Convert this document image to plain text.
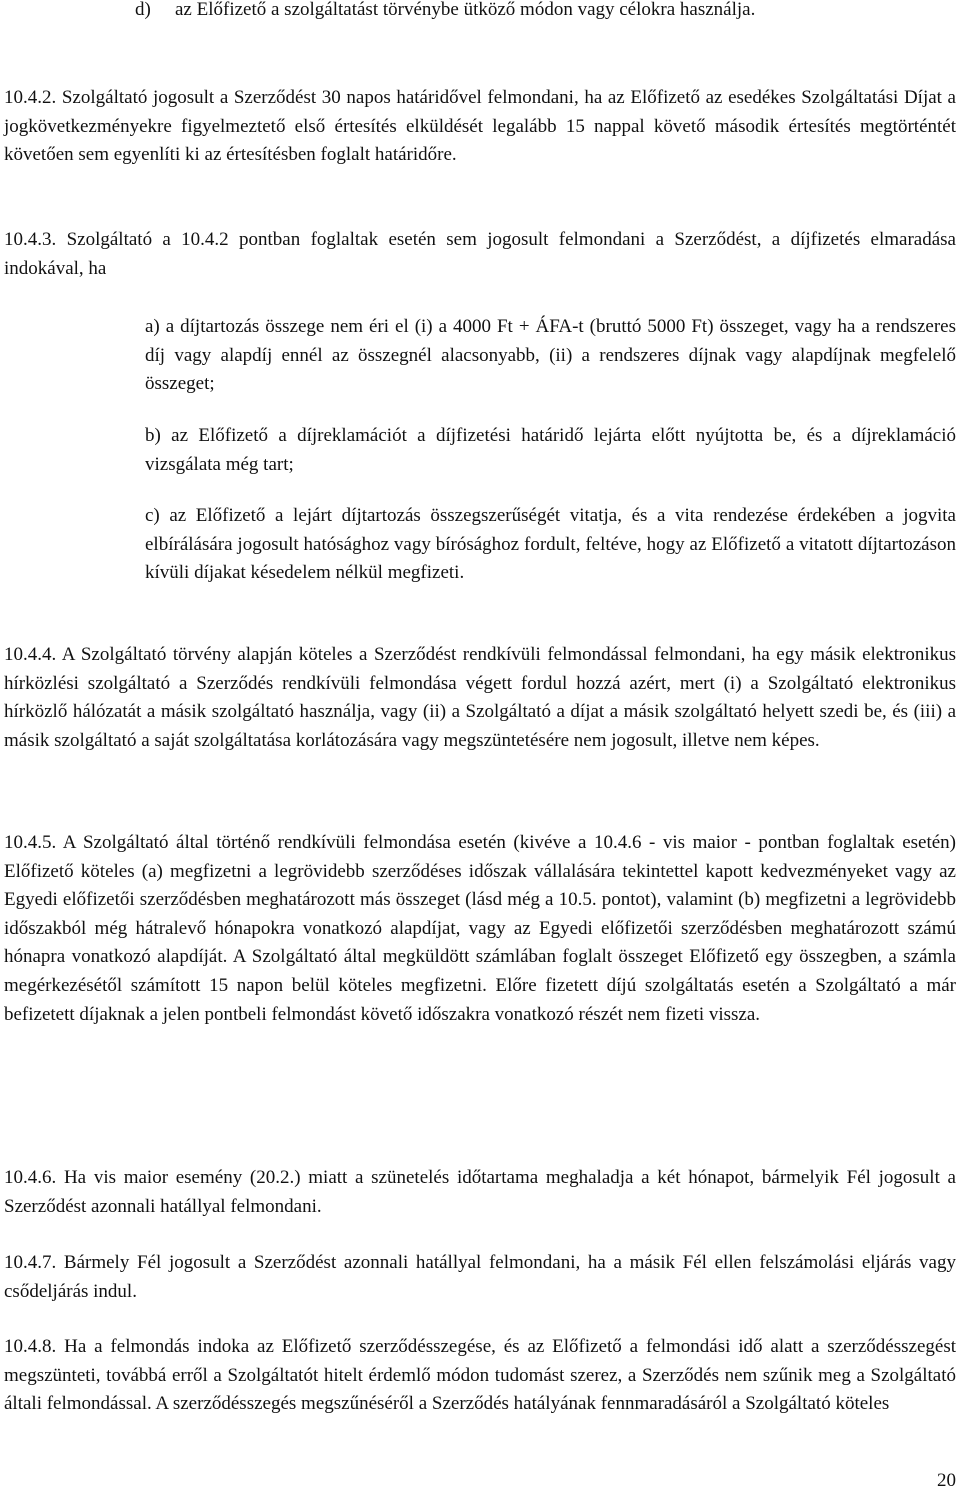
d) az Előfizető a szolgáltatást törvénybe ütköző módon vagy célokra használja.

10.4.2. Szolgáltató jogosult a Szerződést 30 napos határidővel felmondani, ha az Előfizető az esedékes Szolgáltatási Díjat a jogkövetkezményekre figyelmeztető első értesítés elküldését legalább 15 nappal követő második értesítés megtörténtét követően sem egyenlíti ki az értesítésben foglalt határidőre.

10.4.3. Szolgáltató a 10.4.2 pontban foglaltak esetén sem jogosult felmondani a Szerződést, a díjfizetés elmaradása indokával, ha

a) a díjtartozás összege nem éri el (i) a 4000 Ft + ÁFA-t (bruttó 5000 Ft) összeget, vagy ha a rendszeres díj vagy alapdíj ennél az összegnél alacsonyabb, (ii) a rendszeres díjnak vagy alapdíjnak megfelelő összeget;

b) az Előfizető a díjreklamációt a díjfizetési határidő lejárta előtt nyújtotta be, és a díjreklamáció vizsgálata még tart;

c) az Előfizető a lejárt díjtartozás összegszerűségét vitatja, és a vita rendezése érdekében a jogvita elbírálására jogosult hatósághoz vagy bírósághoz fordult, feltéve, hogy az Előfizető a vitatott díjtartozáson kívüli díjakat késedelem nélkül megfizeti.

10.4.4. A Szolgáltató törvény alapján köteles a Szerződést rendkívüli felmondással felmondani, ha egy másik elektronikus hírközlési szolgáltató a Szerződés rendkívüli felmondása végett fordul hozzá azért, mert (i) a Szolgáltató elektronikus hírközlő hálózatát a másik szolgáltató használja, vagy (ii) a Szolgáltató a díjat a másik szolgáltató helyett szedi be, és (iii) a másik szolgáltató a saját szolgáltatása korlátozására vagy megszüntetésére nem jogosult, illetve nem képes.

10.4.5. A Szolgáltató által történő rendkívüli felmondása esetén (kivéve a 10.4.6 - vis maior - pontban foglaltak esetén) Előfizető köteles (a) megfizetni a legrövidebb szerződéses időszak vállalására tekintettel kapott kedvezményeket vagy az Egyedi előfizetői szerződésben meghatározott más összeget (lásd még a 10.5. pontot), valamint (b) megfizetni a legrövidebb időszakból még hátralevő hónapokra vonatkozó alapdíjat, vagy az Egyedi előfizetői szerződésben meghatározott számú hónapra vonatkozó alapdíját. A Szolgáltató által megküldött számlában foglalt összeget Előfizető egy összegben, a számla megérkezésétől számított 15 napon belül köteles megfizetni. Előre fizetett díjú szolgáltatás esetén a Szolgáltató a már befizetett díjaknak a jelen pontbeli felmondást követő időszakra vonatkozó részét nem fizeti vissza.

10.4.6. Ha vis maior esemény (20.2.) miatt a szünetelés időtartama meghaladja a két hónapot, bármelyik Fél jogosult a Szerződést azonnali hatállyal felmondani.

10.4.7. Bármely Fél jogosult a Szerződést azonnali hatállyal felmondani, ha a másik Fél ellen felszámolási eljárás vagy csődeljárás indul.

10.4.8. Ha a felmondás indoka az Előfizető szerződésszegése, és az Előfizető a felmondási idő alatt a szerződésszegést megszünteti, továbbá erről a Szolgáltatót hitelt érdemlő módon tudomást szerez, a Szerződés nem szűnik meg a Szolgáltató általi felmondással. A szerződésszegés megszűnéséről a Szerződés hatályának fennmaradásáról a Szolgáltató köteles

20
